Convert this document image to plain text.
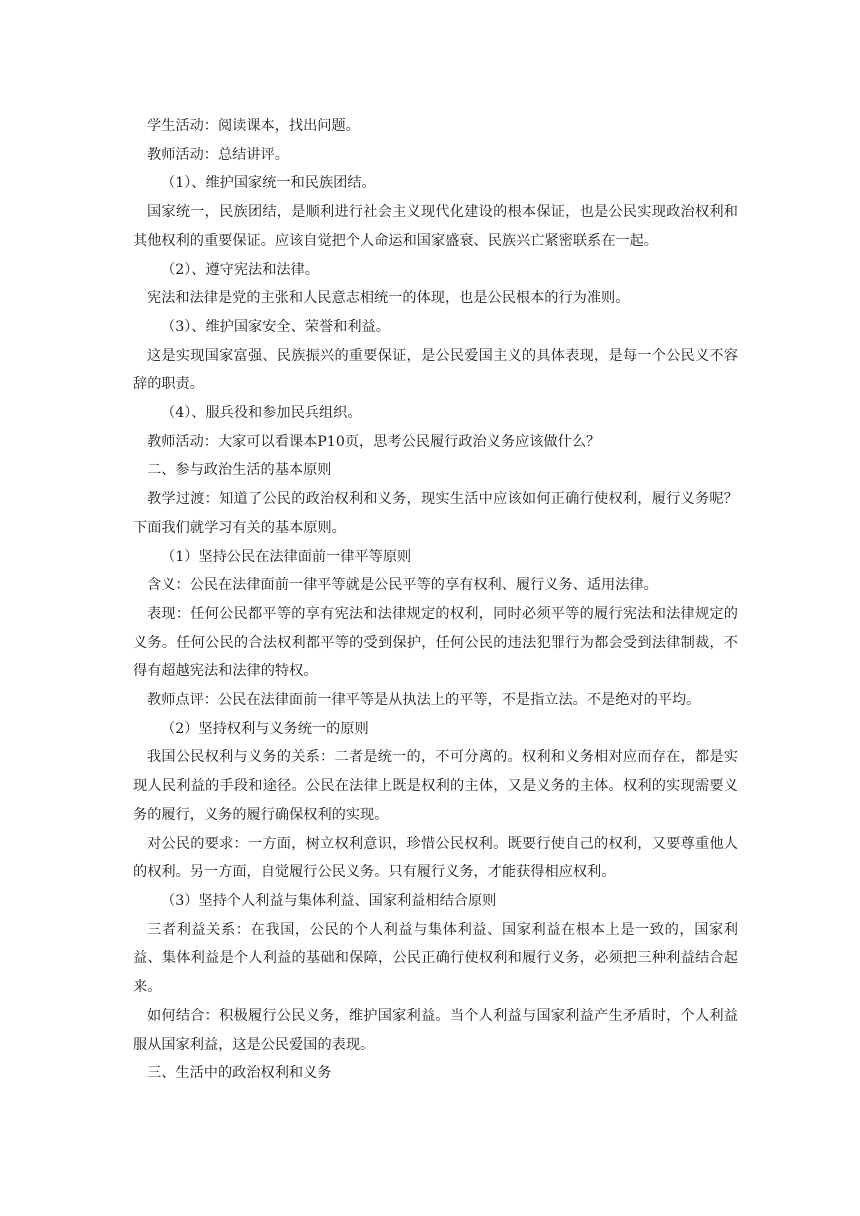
学生活动：阅读课本，找出问题。

教师活动：总结讲评。

（1）、维护国家统一和民族团结。

国家统一，民族团结，是顺利进行社会主义现代化建设的根本保证，也是公民实现政治权利和其他权利的重要保证。应该自觉把个人命运和国家盛衰、民族兴亡紧密联系在一起。

（2）、遵守宪法和法律。

宪法和法律是党的主张和人民意志相统一的体现，也是公民根本的行为准则。

（3）、维护国家安全、荣誉和利益。

这是实现国家富强、民族振兴的重要保证，是公民爱国主义的具体表现，是每一个公民义不容辞的职责。

（4）、服兵役和参加民兵组织。

教师活动：大家可以看课本P10页，思考公民履行政治义务应该做什么？

二、参与政治生活的基本原则

教学过渡：知道了公民的政治权利和义务，现实生活中应该如何正确行使权利，履行义务呢？下面我们就学习有关的基本原则。

（1）坚持公民在法律面前一律平等原则

含义：公民在法律面前一律平等就是公民平等的享有权利、履行义务、适用法律。

表现：任何公民都平等的享有宪法和法律规定的权利，同时必须平等的履行宪法和法律规定的义务。任何公民的合法权利都平等的受到保护，任何公民的违法犯罪行为都会受到法律制裁，不得有超越宪法和法律的特权。

教师点评：公民在法律面前一律平等是从执法上的平等，不是指立法。不是绝对的平均。

（2）坚持权利与义务统一的原则

我国公民权利与义务的关系：二者是统一的，不可分离的。权利和义务相对应而存在，都是实现人民利益的手段和途径。公民在法律上既是权利的主体，又是义务的主体。权利的实现需要义务的履行，义务的履行确保权利的实现。

对公民的要求：一方面，树立权利意识，珍惜公民权利。既要行使自己的权利，又要尊重他人的权利。另一方面，自觉履行公民义务。只有履行义务，才能获得相应权利。

（3）坚持个人利益与集体利益、国家利益相结合原则

三者利益关系：在我国，公民的个人利益与集体利益、国家利益在根本上是一致的，国家利益、集体利益是个人利益的基础和保障，公民正确行使权利和履行义务，必须把三种利益结合起来。

如何结合：积极履行公民义务，维护国家利益。当个人利益与国家利益产生矛盾时，个人利益服从国家利益，这是公民爱国的表现。

三、生活中的政治权利和义务
